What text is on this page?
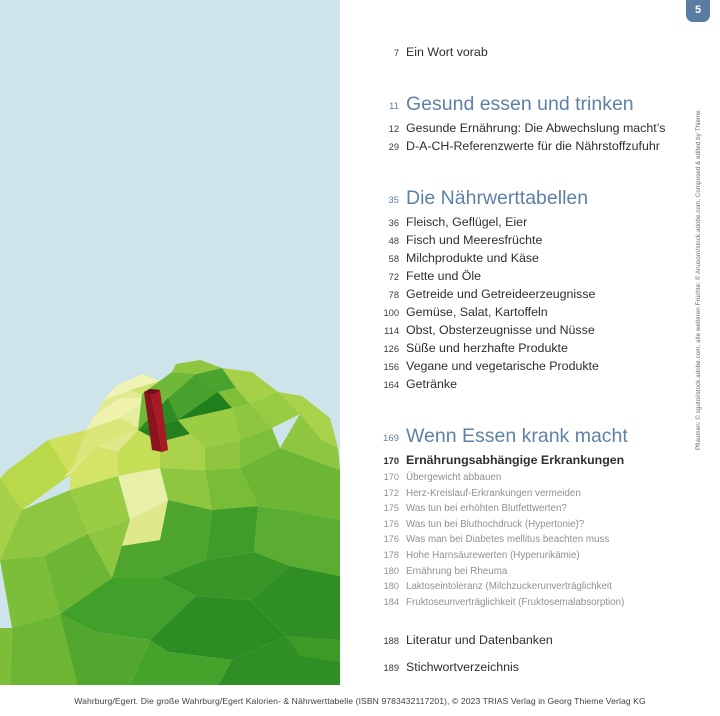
Pflaumen: © sgutoi/stock.adobe.com, alle weiteren Früchte: © Anusorn/stock.adobe.com, Composed & edited by Thieme.
5
7 Ein Wort vorab
11 Gesund essen und trinken
12 Gesunde Ernährung: Die Abwechslung macht’s
29 D-A-CH-Referenzwerte für die Nährstoffzufuhr
35 Die Nährwerttabellen
36 Fleisch, Geflügel, Eier
48 Fisch und Meeresfrüchte
58 Milchprodukte und Käse
72 Fette und Öle
78 Getreide und Getreideerzeugnisse
100 Gemüse, Salat, Kartoffeln
114 Obst, Obsterzeugnisse und Nüsse
126 Süße und herzhafte Produkte
156 Vegane und vegetarische Produkte
164 Getränke
169 Wenn Essen krank macht
170 Ernährungsabhängige Erkrankungen
170 Übergewicht abbauen
172 Herz-Kreislauf-Erkrankungen vermeiden
175 Was tun bei erhöhten Blutfettwerten?
176 Was tun bei Bluthochdruck (Hypertonie)?
176 Was man bei Diabetes mellitus beachten muss
178 Hohe Harnsäurewerten (Hyperurikämie)
180 Ernährung bei Rheuma
180 Laktoseintoleranz (Milchzuckerunverträglichkeit
184 Fruktoseunverträglichkeit (Fruktosemalabsorption)
188 Literatur und Datenbanken
189 Stichwortverzeichnis
Wahrburg/Egert. Die große Wahrburg/Egert Kalorien- & Nährwerttabelle (ISBN 9783432117201), © 2023 TRIAS Verlag in Georg Thieme Verlag KG
